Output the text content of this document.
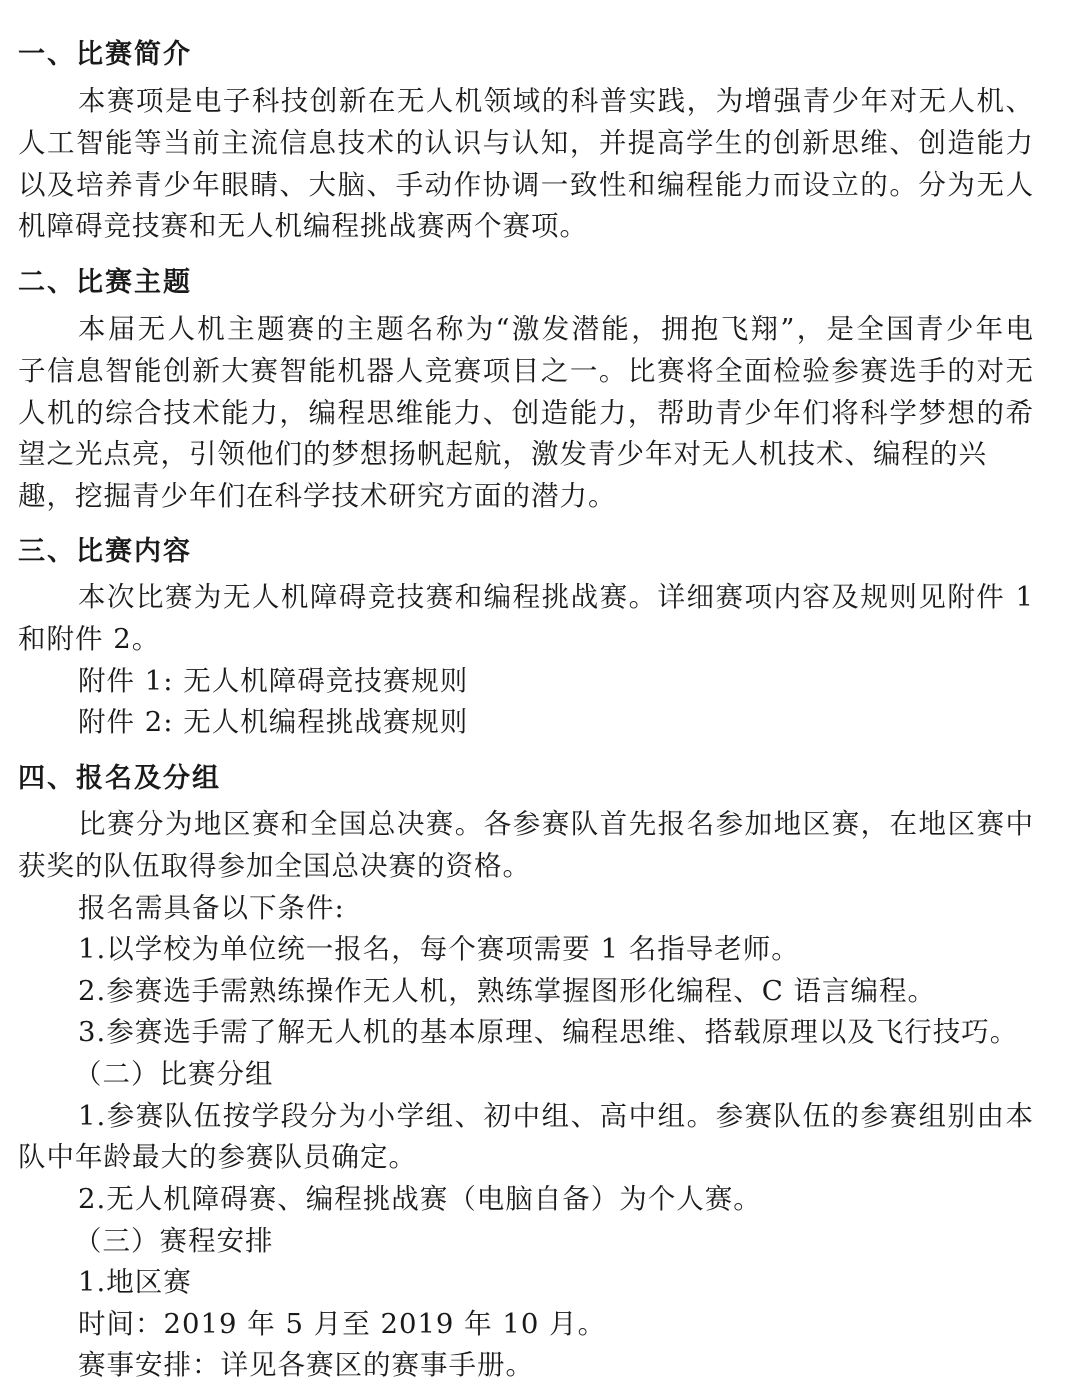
一、比赛简介
本赛项是电子科技创新在无人机领域的科普实践，为增强青少年对无人机、
人工智能等当前主流信息技术的认识与认知，并提高学生的创新思维、创造能力
以及培养青少年眼睛、大脑、手动作协调一致性和编程能力而设立的。分为无人
机障碍竞技赛和无人机编程挑战赛两个赛项。
二、比赛主题
本届无人机主题赛的主题名称为“激发潜能，拥抱飞翔”，是全国青少年电
子信息智能创新大赛智能机器人竞赛项目之一。比赛将全面检验参赛选手的对无
人机的综合技术能力，编程思维能力、创造能力，帮助青少年们将科学梦想的希
望之光点亮，引领他们的梦想扬帆起航，激发青少年对无人机技术、编程的兴
趣，挖掘青少年们在科学技术研究方面的潜力。
三、比赛内容
本次比赛为无人机障碍竞技赛和编程挑战赛。详细赛项内容及规则见附件 1
和附件 2。
附件 1: 无人机障碍竞技赛规则
附件 2: 无人机编程挑战赛规则
四、报名及分组
比赛分为地区赛和全国总决赛。各参赛队首先报名参加地区赛，在地区赛中
获奖的队伍取得参加全国总决赛的资格。
报名需具备以下条件:
1.以学校为单位统一报名，每个赛项需要 1 名指导老师。
2.参赛选手需熟练操作无人机，熟练掌握图形化编程、C 语言编程。
3.参赛选手需了解无人机的基本原理、编程思维、搭载原理以及飞行技巧。
（二）比赛分组
1.参赛队伍按学段分为小学组、初中组、高中组。参赛队伍的参赛组别由本
队中年龄最大的参赛队员确定。
2.无人机障碍赛、编程挑战赛（电脑自备）为个人赛。
（三）赛程安排
1.地区赛
时间：2019 年 5 月至 2019 年 10 月。
赛事安排：详见各赛区的赛事手册。
